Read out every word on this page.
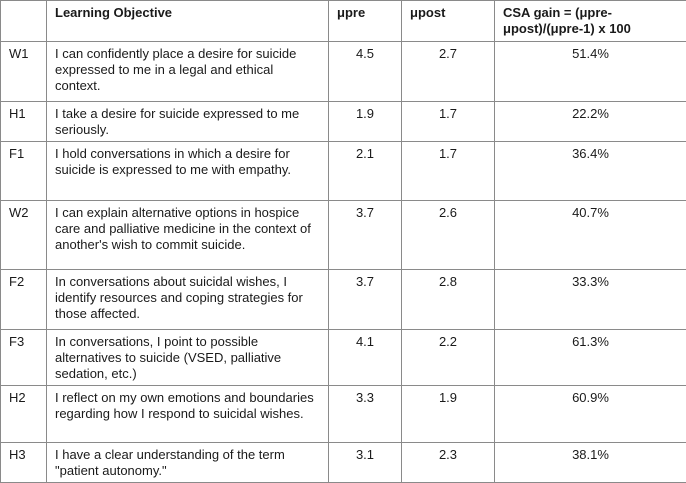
	Learning Objective	μpre	μpost	CSA gain = (μpre- μpost)/(μpre-1) x 100
W1	I can confidently place a desire for suicide expressed to me in a legal and ethical context.	4.5	2.7	51.4%
H1	I take a desire for suicide expressed to me seriously.	1.9	1.7	22.2%
F1	I hold conversations in which a desire for suicide is expressed to me with empathy.	2.1	1.7	36.4%
W2	I can explain alternative options in hospice care and palliative medicine in the context of another's wish to commit suicide.	3.7	2.6	40.7%
F2	In conversations about suicidal wishes, I identify resources and coping strategies for those affected.	3.7	2.8	33.3%
F3	In conversations, I point to possible alternatives to suicide (VSED, palliative sedation, etc.)	4.1	2.2	61.3%
H2	I reflect on my own emotions and boundaries regarding how I respond to suicidal wishes.	3.3	1.9	60.9%
H3	I have a clear understanding of the term "patient autonomy."	3.1	2.3	38.1%
